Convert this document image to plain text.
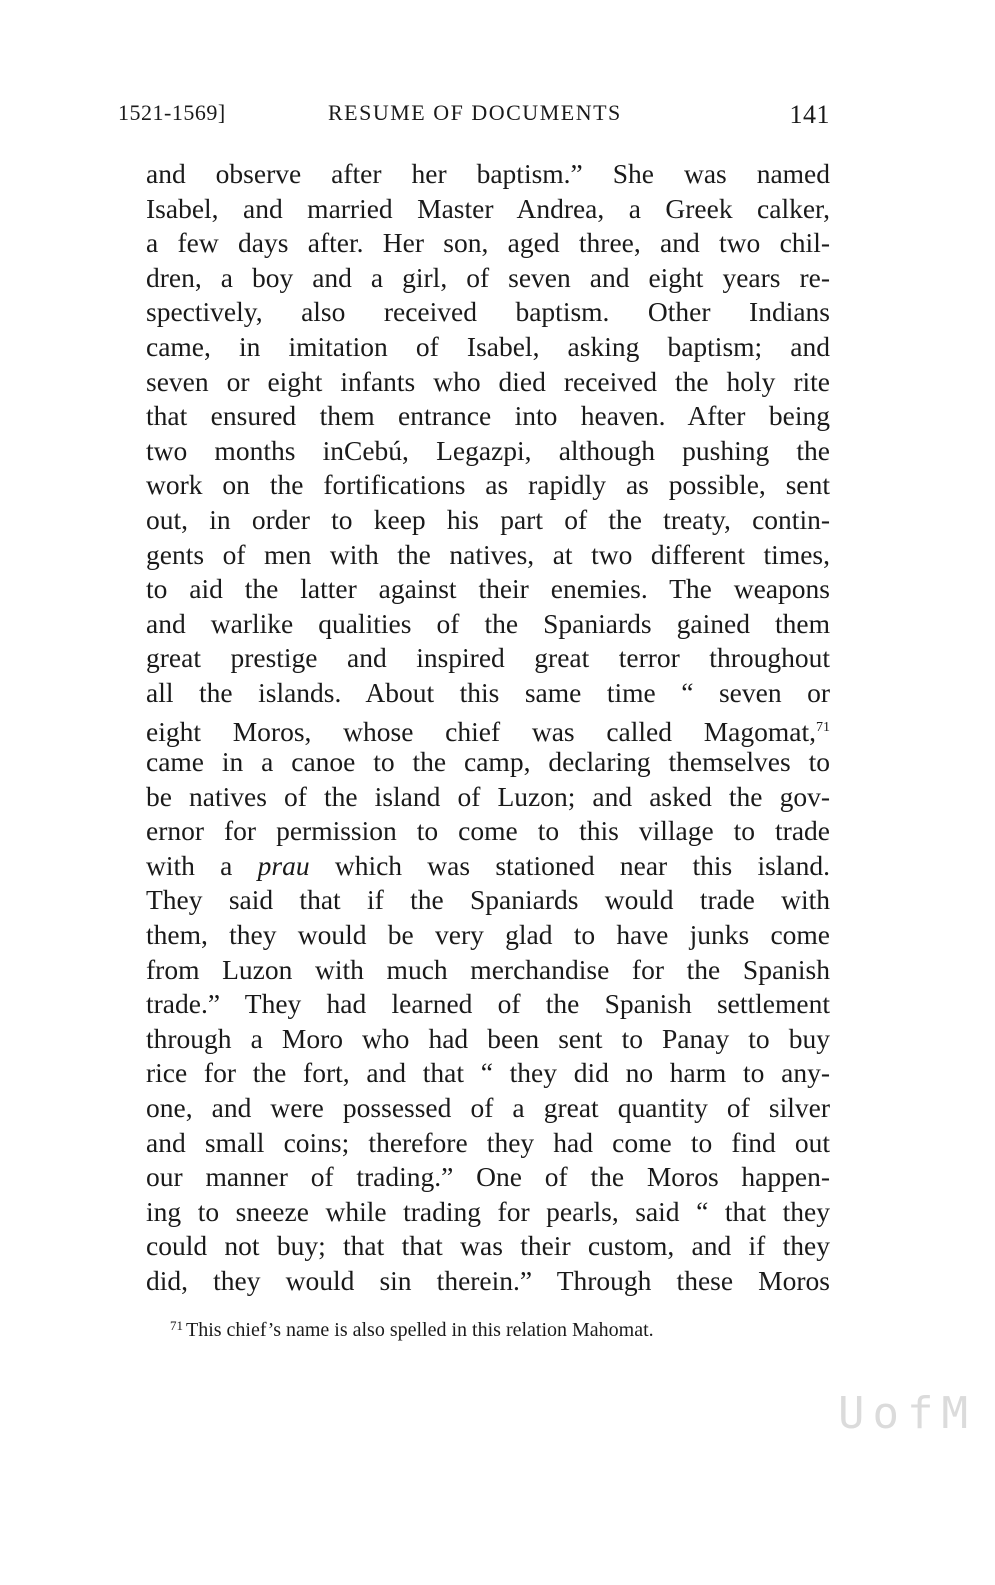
1521-1569]	RESUME OF DOCUMENTS	141
and observe after her baptism.” She was named
Isabel, and married Master Andrea, a Greek calker,
a few days after. Her son, aged three, and two chil-
dren, a boy and a girl, of seven and eight years re-
spectively, also received baptism. Other Indians
came, in imitation of Isabel, asking baptism; and
seven or eight infants who died received the holy rite
that ensured them entrance into heaven. After being
two months inCebú, Legazpi, although pushing the
work on the fortifications as rapidly as possible, sent
out, in order to keep his part of the treaty, contin-
gents of men with the natives, at two different times,
to aid the latter against their enemies. The weapons
and warlike qualities of the Spaniards gained them
great prestige and inspired great terror throughout
all the islands. About this same time “ seven or
eight Moros, whose chief was called Magomat,$^{71}$
came in a canoe to the camp, declaring themselves to
be natives of the island of Luzon; and asked the gov-
ernor for permission to come to this village to trade
with a prau which was stationed near this island.
They said that if the Spaniards would trade with
them, they would be very glad to have junks come
from Luzon with much merchandise for the Spanish
trade.” They had learned of the Spanish settlement
through a Moro who had been sent to Panay to buy
rice for the fort, and that “ they did no harm to any-
one, and were possessed of a great quantity of silver
and small coins; therefore they had come to find out
our manner of trading.” One of the Moros happen-
ing to sneeze while trading for pearls, said “ that they
could not buy; that that was their custom, and if they
did, they would sin therein.” Through these Moros
$^{71}$ This chief’s name is also spelled in this relation Mahomat.
UofM
